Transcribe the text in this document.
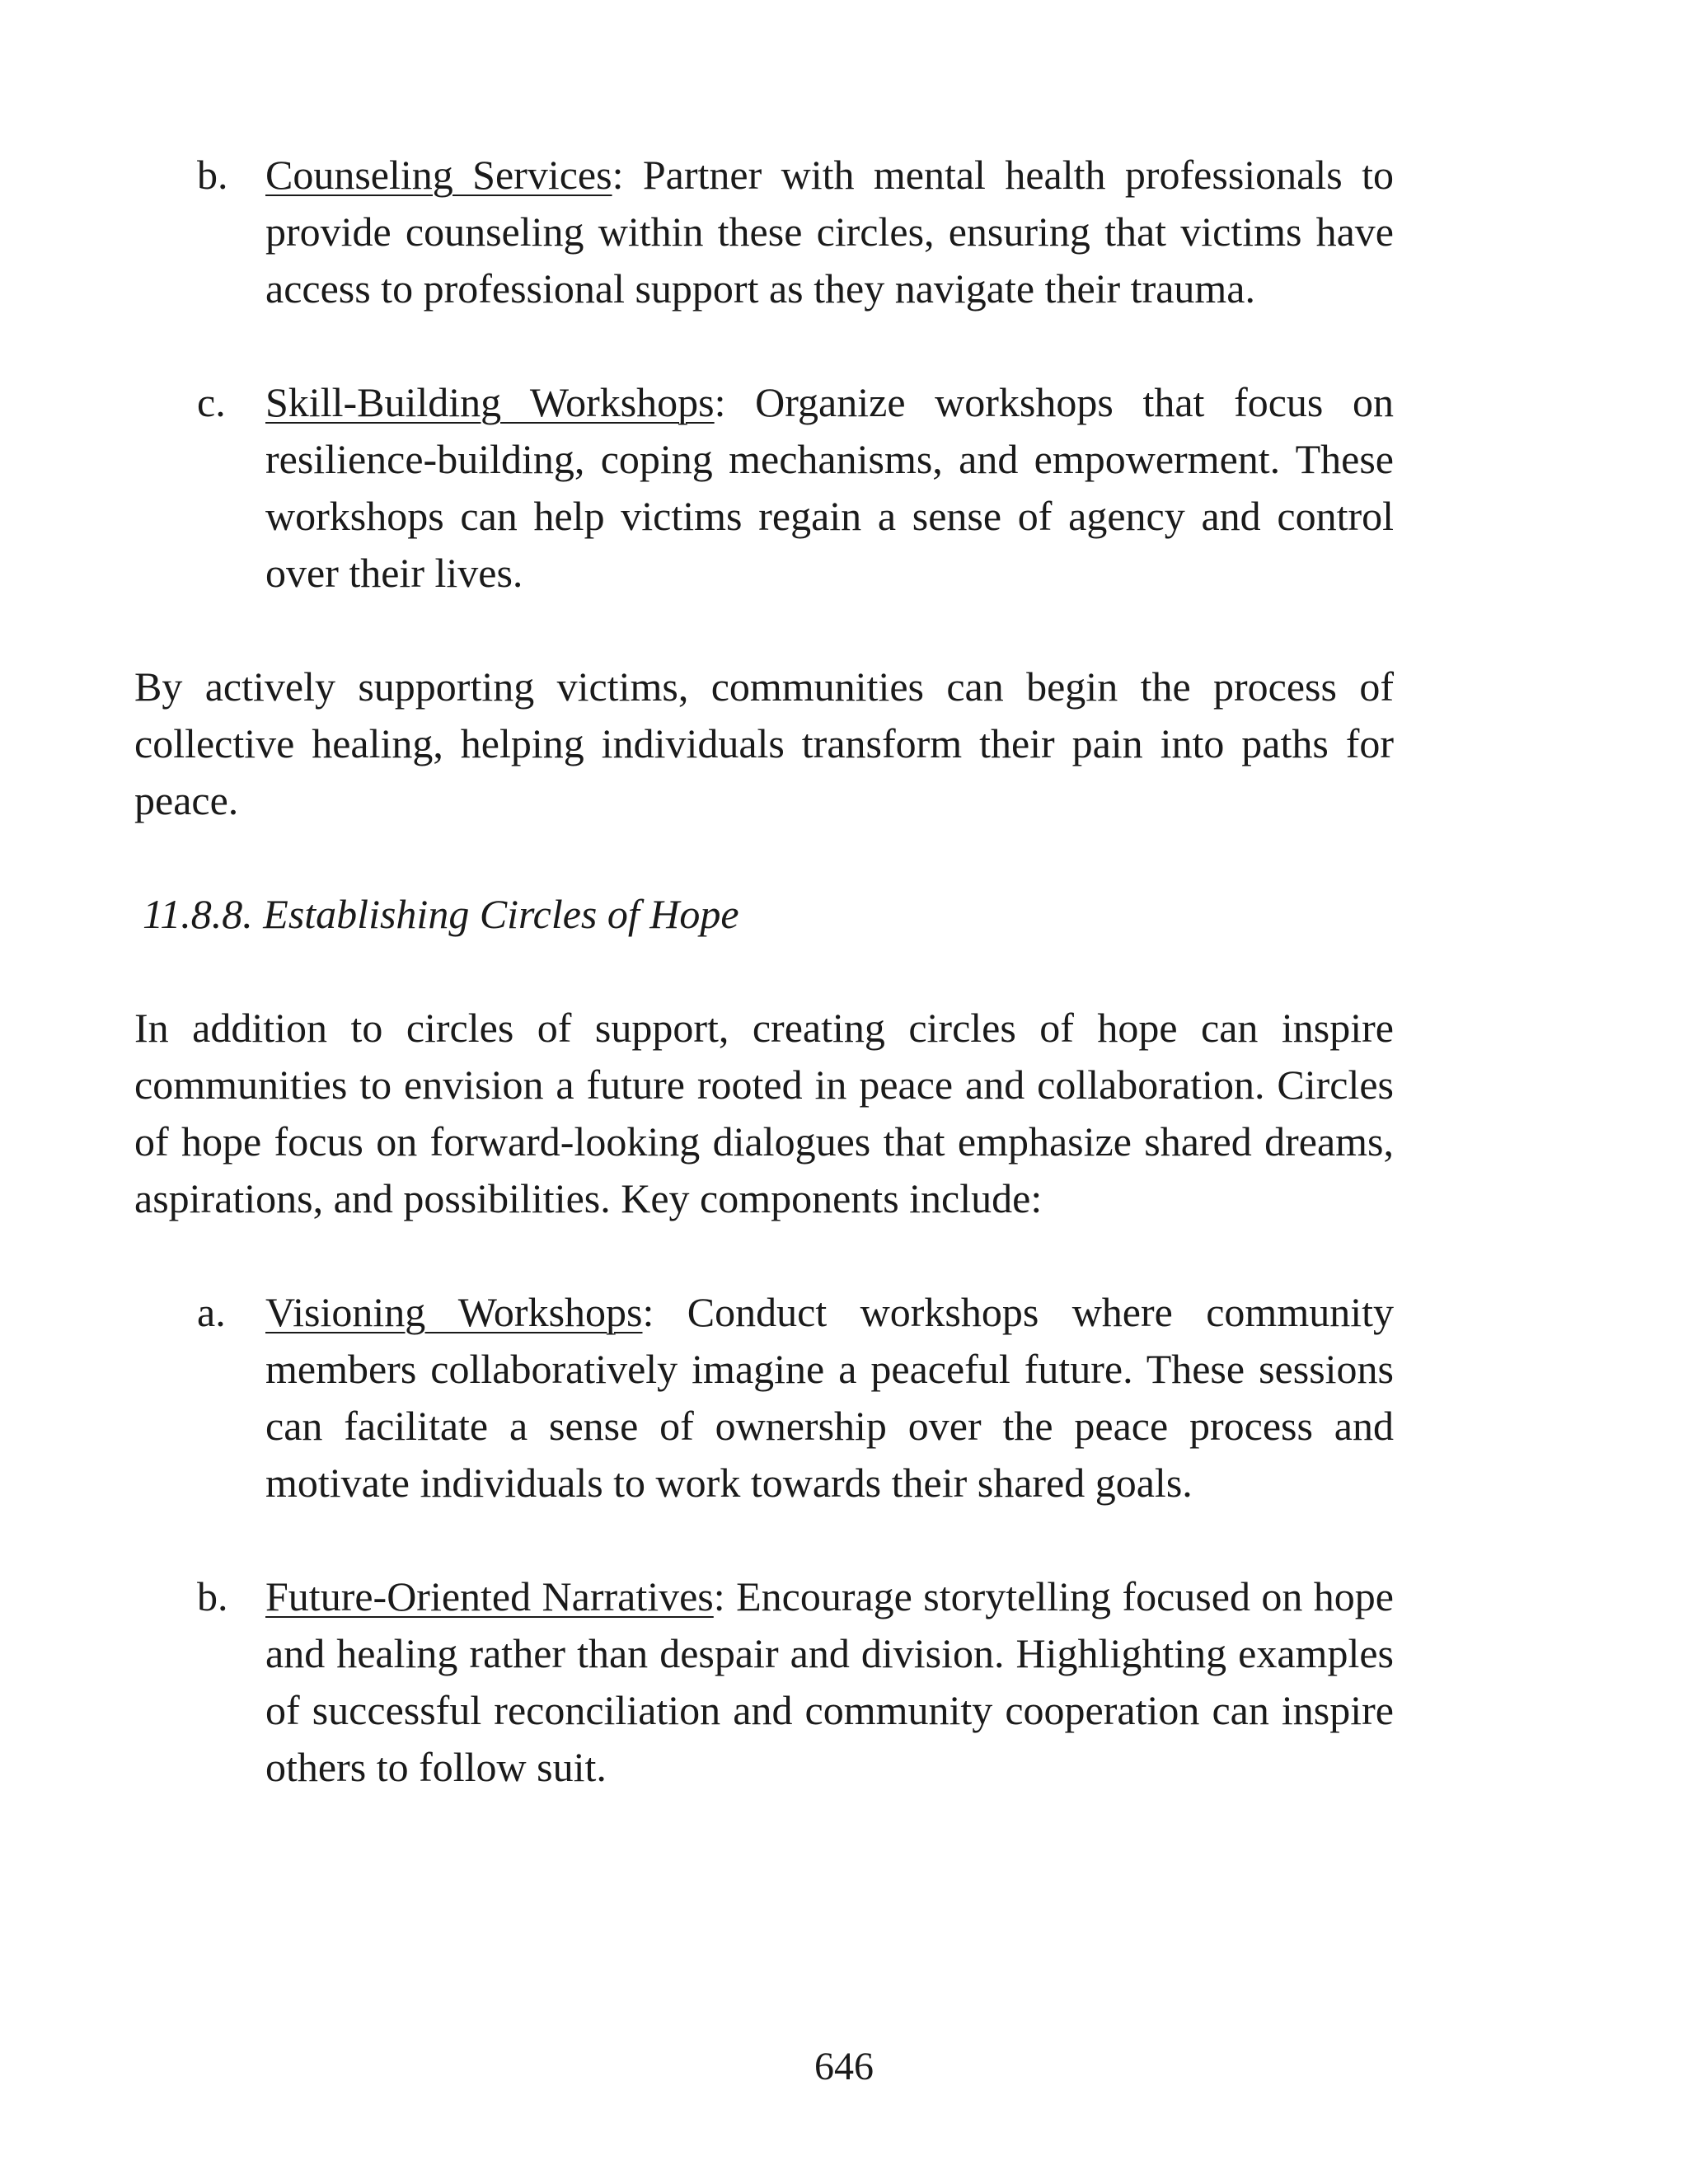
b. Counseling Services: Partner with mental health professionals to provide counseling within these circles, ensuring that victims have access to professional support as they navigate their trauma.

c. Skill-Building Workshops: Organize workshops that focus on resilience-building, coping mechanisms, and empowerment. These workshops can help victims regain a sense of agency and control over their lives.

By actively supporting victims, communities can begin the process of collective healing, helping individuals transform their pain into paths for peace.

11.8.8. Establishing Circles of Hope

In addition to circles of support, creating circles of hope can inspire communities to envision a future rooted in peace and collaboration. Circles of hope focus on forward-looking dialogues that emphasize shared dreams, aspirations, and possibilities. Key components include:

a. Visioning Workshops: Conduct workshops where community members collaboratively imagine a peaceful future. These sessions can facilitate a sense of ownership over the peace process and motivate individuals to work towards their shared goals.

b. Future-Oriented Narratives: Encourage storytelling focused on hope and healing rather than despair and division. Highlighting examples of successful reconciliation and community cooperation can inspire others to follow suit.

646
